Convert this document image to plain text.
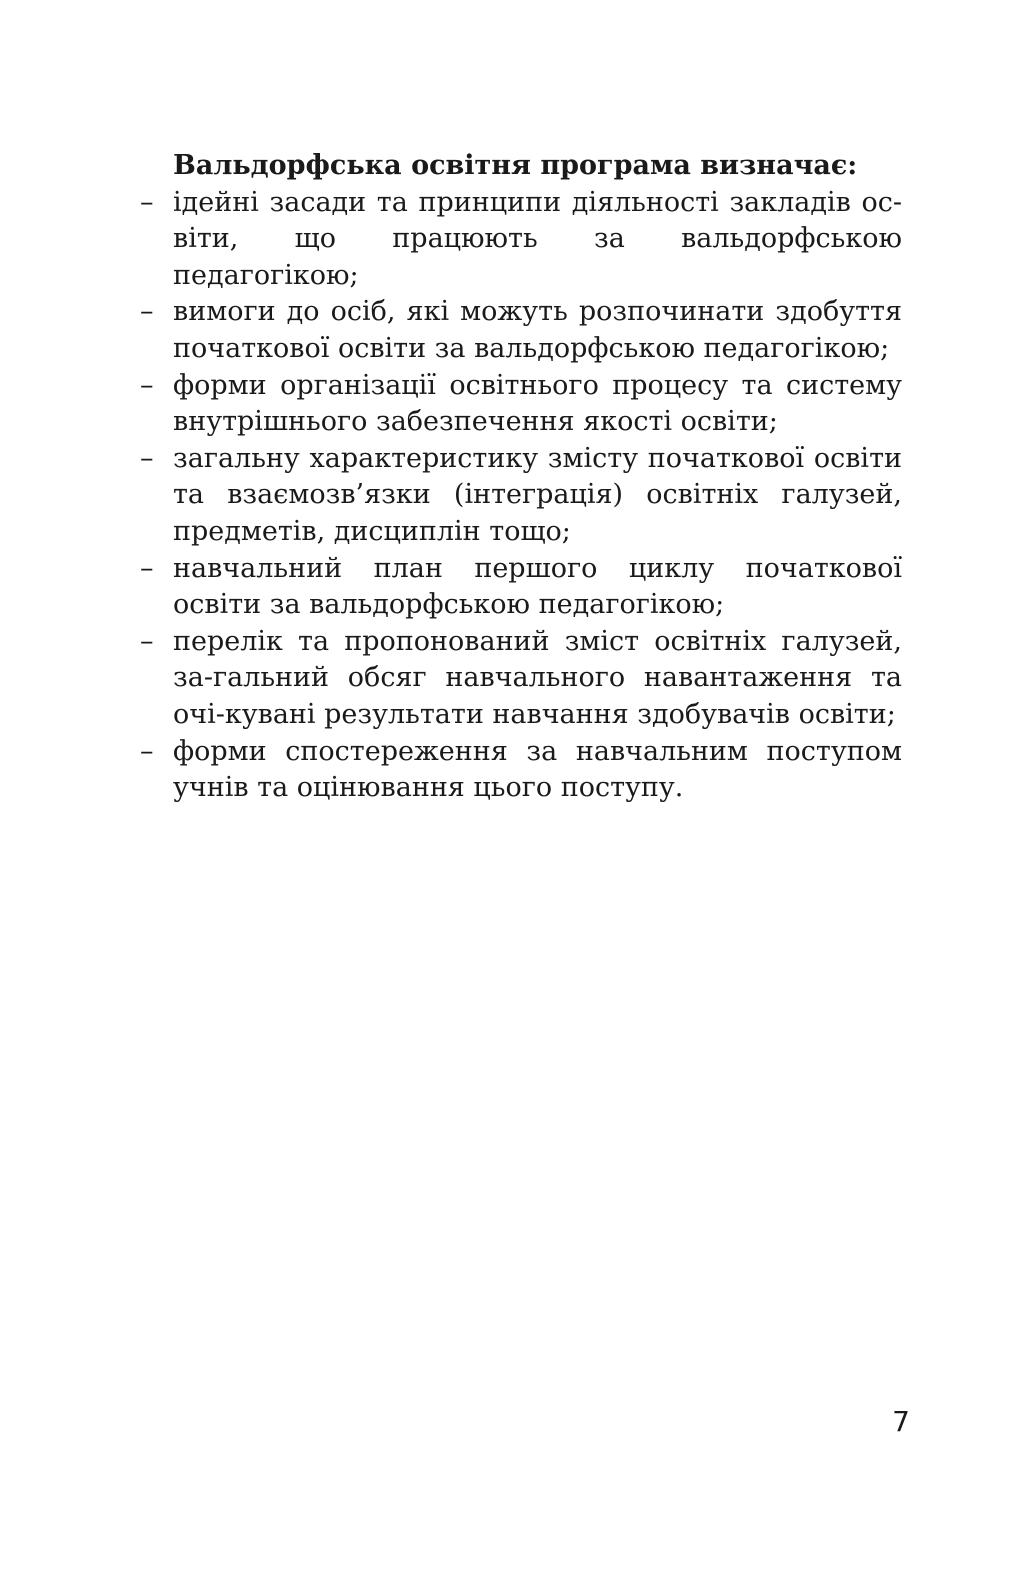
Вальдорфська освітня програма визначає:

– ідейні засади та принципи діяльності закладів ос-віти, що працюють за вальдорфською педагогікою;
– вимоги до осіб, які можуть розпочинати здобуття початкової освіти за вальдорфською педагогікою;
– форми організації освітнього процесу та систему внутрішнього забезпечення якості освіти;
– загальну характеристику змісту початкової освіти та взаємозв’язки (інтеграція) освітніх галузей, предметів, дисциплін тощо;
– навчальний план першого циклу початкової освіти за вальдорфською педагогікою;
– перелік та пропонований зміст освітніх галузей, за-гальний обсяг навчального навантаження та очі-кувані результати навчання здобувачів освіти;
– форми спостереження за навчальним поступом учнів та оцінювання цього поступу.
7
